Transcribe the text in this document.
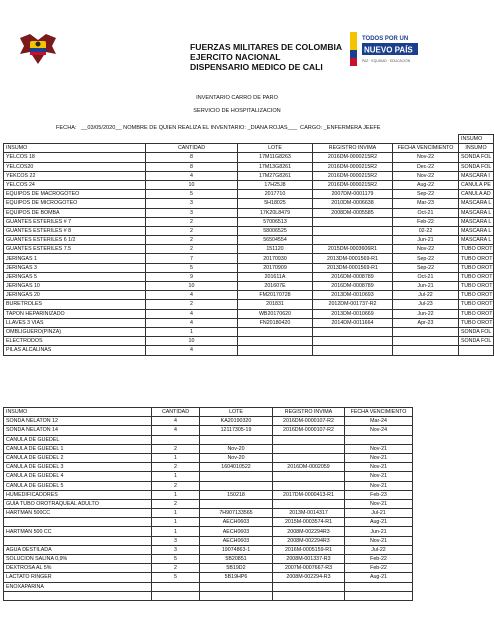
TODOS POR UN
NUEVO PAÍS
PAZ · EQUIDAD · EDUCACIÓN
FUERZAS MILITARES DE COLOMBIA
EJERCITO NACIONAL
DISPENSARIO MEDICO DE CALI
INVENTARIO CARRO DE PARO
SERVICIO DE HOSPITALIZACION
FECHA:   __03/05/2020__ NOMBRE DE QUIEN REALIZA EL INVENTARIO: _DIANA ROJAS___  CARGO: _ENFERMERA JEEFE
					INSUMO
INSUMO	CANTIDAD	LOTE	REGISTRO INVIMA	FECHA VENCIMIENTO	INSUMO
YELCOS 18	8	17M11G8263	2016DM-0000215R2	Nov-22	SONDA FOL
YELCOS20	8	17M13G8261	2016DM-0000215R2	Dec-22	SONDA FOL
YEKCOS 22	4	17M27G8261	2016DM-0000215R2	Nov-22	MASCARA I
YELCOS 24	10	17H25J8	2016DM-0000215R2	Aug-22	CANULA PE
EQUIPOS DE MACROGOTEO	5	2017710	2007DM-0001179	Sep-22	CANULA AD
EQUIPOS DE MICROGOTEO	3	5H18025	2010DM-0006638	Mar-23	MASCARA L
EQUIPOS DE BOMBA	3	17K20L8479	2008DM-0005585	Oct-21	MASCARA L
GUANTES ESTERILES # 7	2	57006513		Feb-22	MASCARA L
GUANTES ESTERILES # 8	2	58006525		02-22	MASCARA L
GUANTES ESTERILES 6 1/2	2	56504554		Jun-21	MASCARA L
GUANTES ESTERILES 7.5	2	151120	2015DM-0003606R1	Nov-22	TUBO OROT
JERINGAS 1	7	20170930	2013DM-0001569-R1	Sep-22	TUBO OROT
JERINGAS 3	5	20170909	2013DM-0001569-R1	Sep-22	TUBO OROT
JERINGAS 5	9	201611A	2016DM-0008789	Oct-21	TUBO OROT
JERINGAS 10	10	201607E	2016DM-0008789	Jun-21	TUBO OROT
JERINGAS 20	4	FM20170728	2013DM-0010693	Jul-22	TUBO OROT
BURETROLES	2	201831	2012DM-001737-R2	Jul-23	TUBO OROT
TAPON HEPARINIZADO	4	WB20170620	2013DM-0010669	Jun-22	TUBO OROT
LLAVES 3 VIAS	4	FN20180420	2014DM-0011664	Apr-23	TUBO OROT
OMBLIGUERO(PINZA)	1				SONDA FOL
ELECTRODOS	10				SONDA FOL
PILAS ALCALINAS	4				
INSUMO	CANTIDAD	LOTE	REGISTRO INVIMA	FECHA VENCIMIENTO
SONDA NELATON 12	4	KA20190320	2016DM-0000107-R2	Mar-24
SONDA NELATON 14	4	12117305-19	2016DM-0000107-R2	Nov-24
CANULA DE GUEDEL				
CANULA DE GUEDEL 1	2	Nov-20		Nov-21
CANULA DE GUEDEL 2	1	Nov-20		Nov-21
CANULA DE GUEDEL 3	2	1604010522	2016DM-0002059	Nov-21
CANULA DE GUEDEL 4	1			Nov-21
CANULA DE GUEDEL 5	2			Nov-21
HUMEDIFICADORES	1	150218	2017DM-0000413-R1	Feb-23
GUIA TUBO OROTRAQUEAL ADULTO	2			Nov-21
HARTMAN 500CC	1	7H907133565	2013M-0014317	Jul-21
	1	AECH0603	2015M-0003574-R1	Aug-21
HARTMAN 500 CC	1	AECH0603	2008M-002294R3	Jun-21
	3	AECH0603	2008M-002294R3	Nov-21
AGUA DESTILADA	3	19074863-1	2016M-0005159-R1	Jul-22
SOLUCION SALINA 0,9%	5	5B20851	2008M-001337-R3	Feb-22
DEXTROSA AL 5%	2	5B19D2	2007M-0007667-R3	Feb-22
LACTATO RINGER	5	5B19HP6	2008M-002294-R3	Aug-21
ENOXAPARINA				
